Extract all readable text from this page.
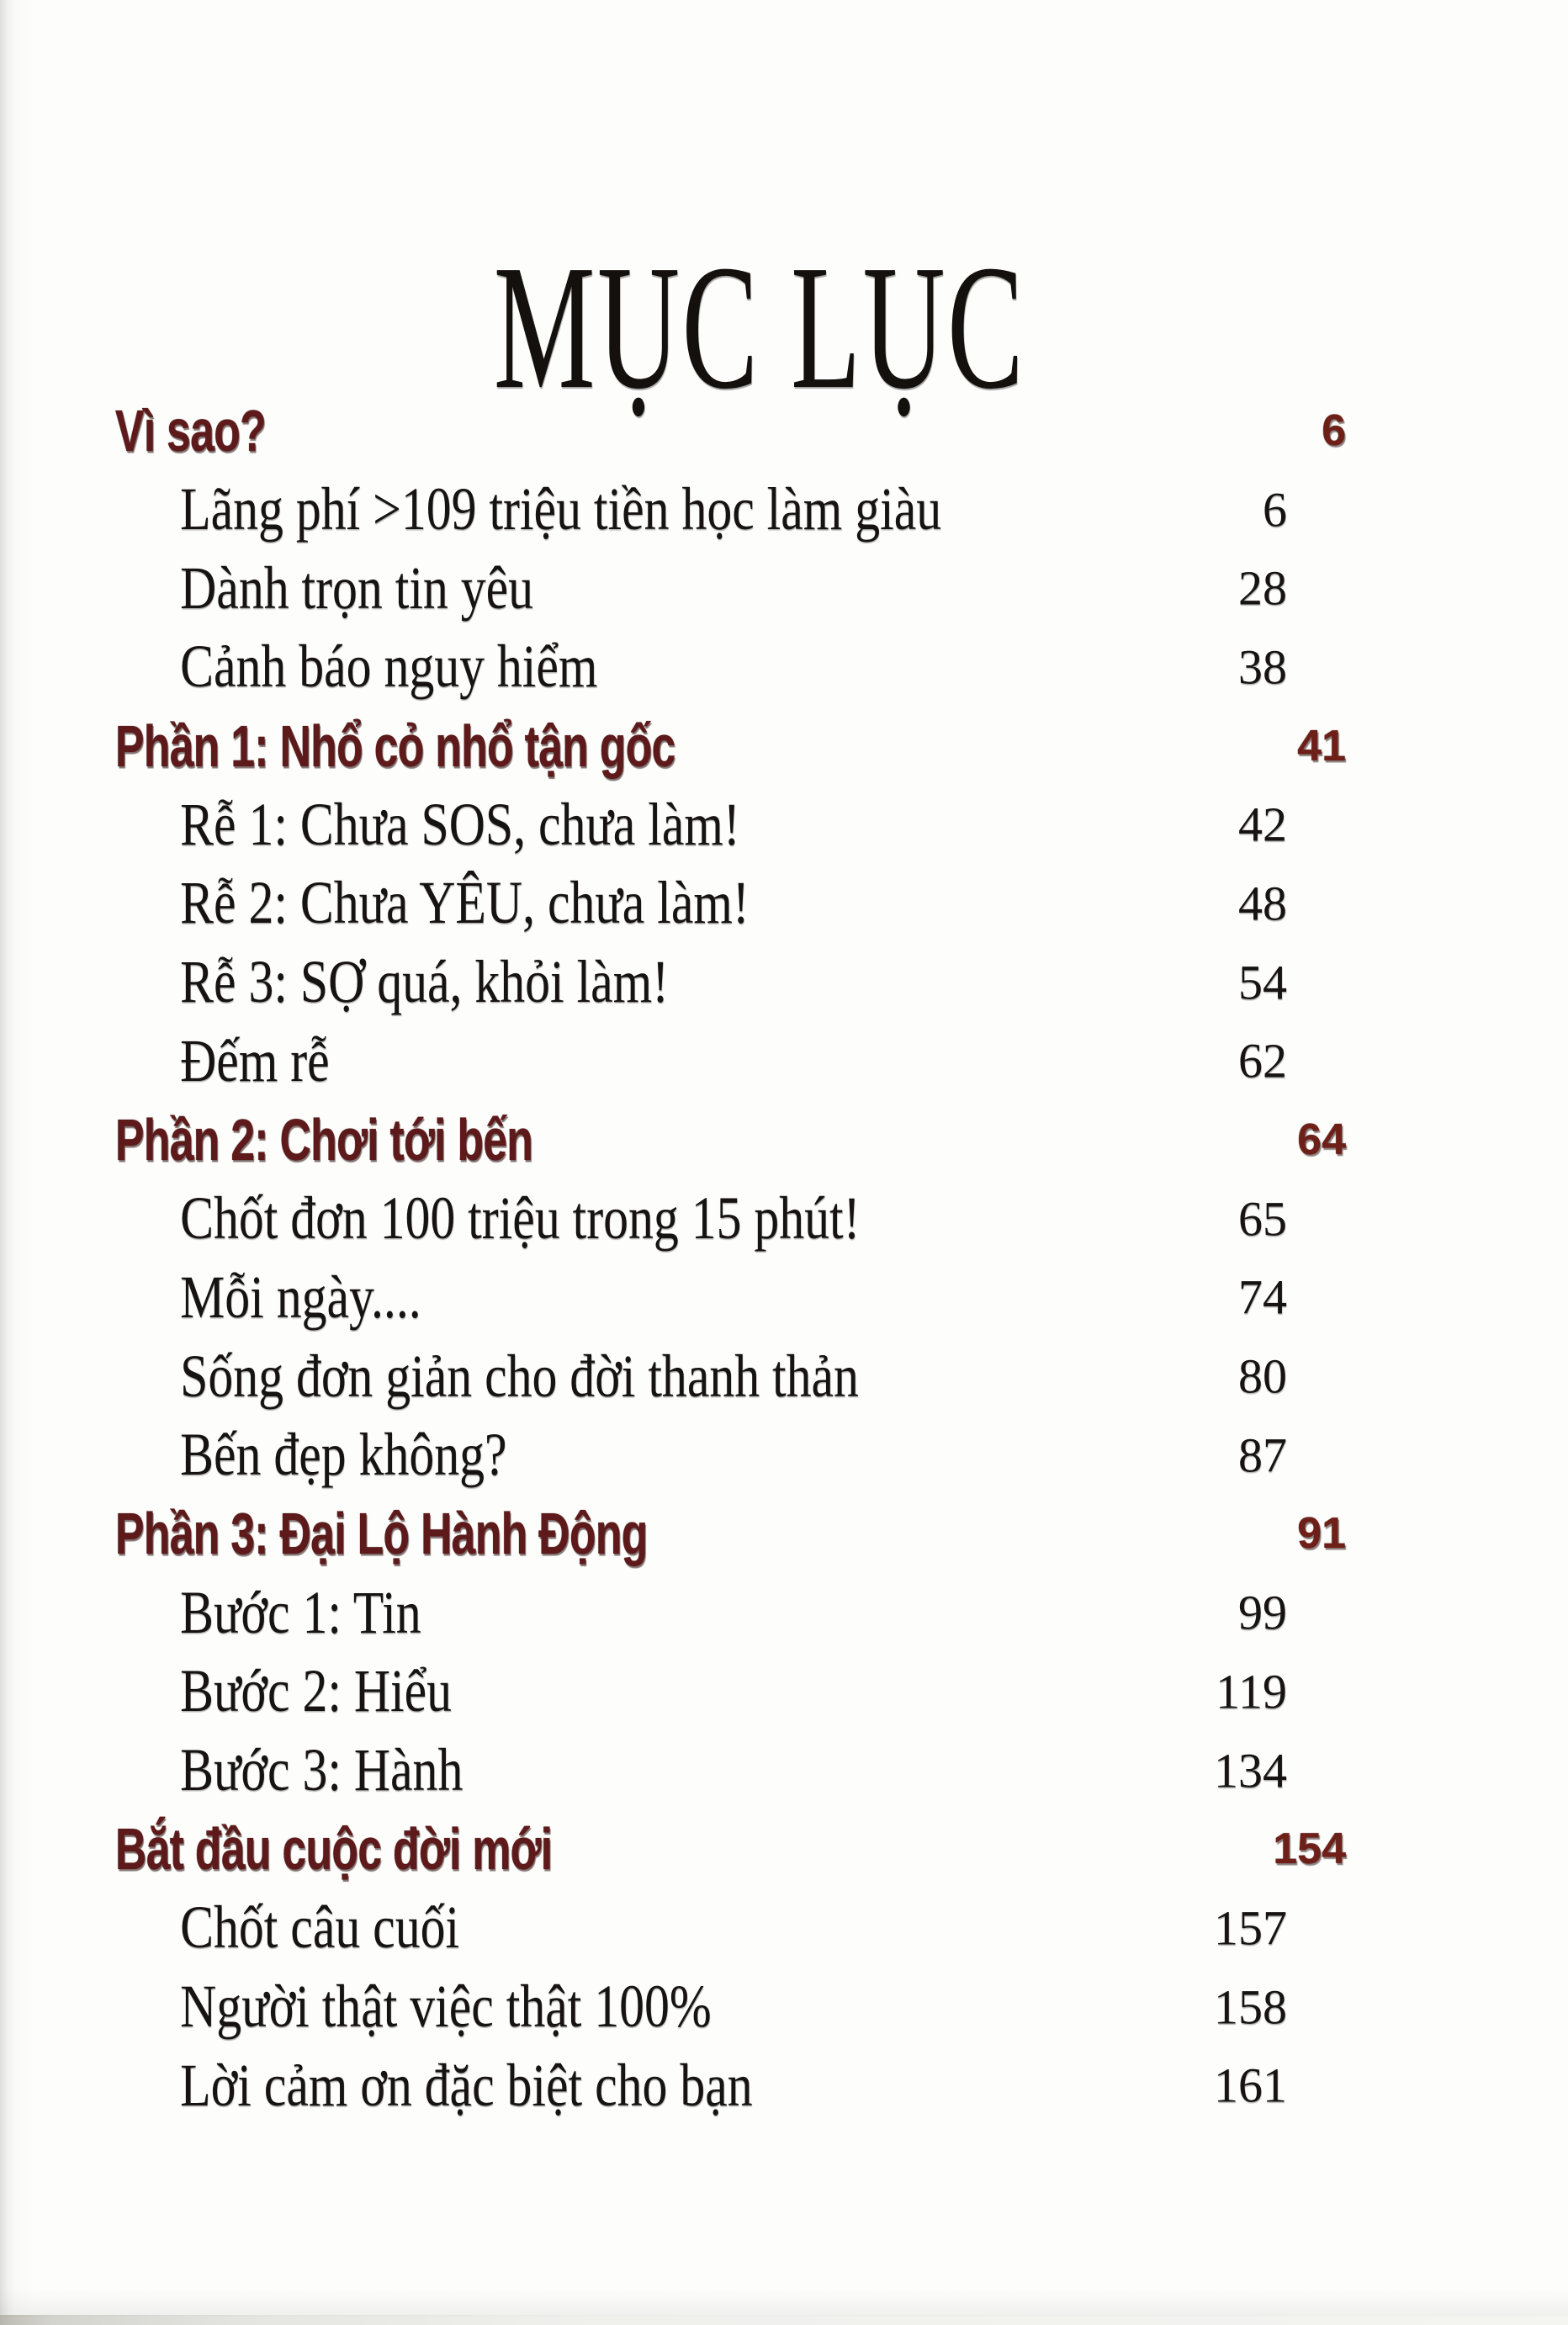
MỤC LỤC
Vì sao?	6
Lãng phí >109 triệu tiền học làm giàu	6
Dành trọn tin yêu	28
Cảnh báo nguy hiểm	38
Phần 1: Nhổ cỏ nhổ tận gốc	41
Rễ 1: Chưa SOS, chưa làm!	42
Rễ 2: Chưa YÊU, chưa làm!	48
Rễ 3: SỢ quá, khỏi làm!	54
Đếm rễ	62
Phần 2: Chơi tới bến	64
Chốt đơn 100 triệu trong 15 phút!	65
Mỗi ngày....	74
Sống đơn giản cho đời thanh thản	80
Bến đẹp không?	87
Phần 3: Đại Lộ Hành Động	91
Bước 1: Tin	99
Bước 2: Hiểu	119
Bước 3: Hành	134
Bắt đầu cuộc đời mới	154
Chốt câu cuối	157
Người thật việc thật 100%	158
Lời cảm ơn đặc biệt cho bạn	161
